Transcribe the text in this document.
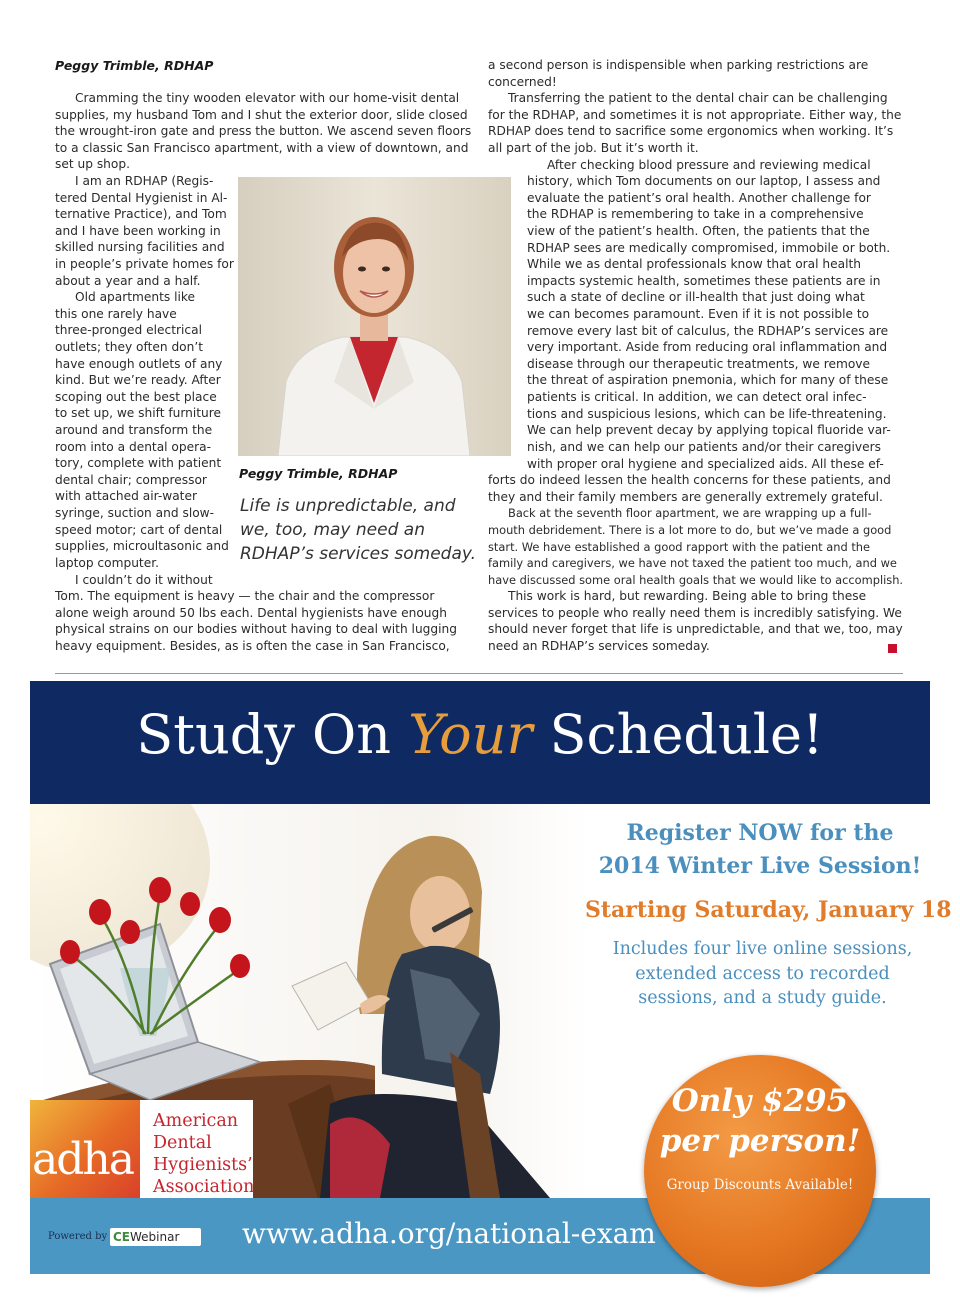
Peggy Trimble, RDHAP
Cramming the tiny wooden elevator with our home-visit dental
supplies, my husband Tom and I shut the exterior door, slide closed
the wrought-iron gate and press the button. We ascend seven floors
to a classic San Francisco apartment, with a view of downtown, and
set up shop.
I am an RDHAP (Regis-
tered Dental Hygienist in Al-
ternative Practice), and Tom
and I have been working in
skilled nursing facilities and
in people’s private homes for
about a year and a half.
Old apartments like
this one rarely have
three-pronged electrical
outlets; they often don’t
have enough outlets of any
kind. But we’re ready. After
scoping out the best place
to set up, we shift furniture
around and transform the
room into a dental opera-
tory, complete with patient
dental chair; compressor
with attached air-water
syringe, suction and slow-
speed motor; cart of dental
supplies, microultasonic and
laptop computer.
I couldn’t do it without
Tom. The equipment is heavy — the chair and the compressor
alone weigh around 50 lbs each. Dental hygienists have enough
physical strains on our bodies without having to deal with lugging
heavy equipment. Besides, as is often the case in San Francisco,
Peggy Trimble, RDHAP
Life is unpredictable, and
we, too, may need an
RDHAP’s services someday.
a second person is indispensible when parking restrictions are
concerned!
Transferring the patient to the dental chair can be challenging
for the RDHAP, and sometimes it is not appropriate. Either way, the
RDHAP does tend to sacrifice some ergonomics when working. It’s
all part of the job. But it’s worth it.
After checking blood pressure and reviewing medical
history, which Tom documents on our laptop, I assess and
evaluate the patient’s oral health. Another challenge for
the RDHAP is remembering to take in a comprehensive
view of the patient’s health. Often, the patients that the
RDHAP sees are medically compromised, immobile or both.
While we as dental professionals know that oral health
impacts systemic health, sometimes these patients are in
such a state of decline or ill-health that just doing what
we can becomes paramount. Even if it is not possible to
remove every last bit of calculus, the RDHAP’s services are
very important. Aside from reducing oral inflammation and
disease through our therapeutic treatments, we remove
the threat of aspiration pnemonia, which for many of these
patients is critical. In addition, we can detect oral infec-
tions and suspicious lesions, which can be life-threatening.
We can help prevent decay by applying topical fluoride var-
nish, and we can help our patients and/or their caregivers
with proper oral hygiene and specialized aids. All these ef-
forts do indeed lessen the health concerns for these patients, and
they and their family members are generally extremely grateful.
Back at the seventh floor apartment, we are wrapping up a full-
mouth debridement. There is a lot more to do, but we’ve made a good
start. We have established a good rapport with the patient and the
family and caregivers, we have not taxed the patient too much, and we
have discussed some oral health goals that we would like to accomplish.
This work is hard, but rewarding. Being able to bring these
services to people who really need them is incredibly satisfying. We
should never forget that life is unpredictable, and that we, too, may
need an RDHAP’s services someday.
Study On Your Schedule!
Register NOW for the
2014 Winter Live Session!
Starting Saturday, January 18
Includes four live online sessions,
extended access to recorded
sessions, and a study guide.
Powered by CEWebinar	www.adha.org/national-exam
adha
American
Dental
Hygienists’
Association
Only $295
per person!
Group Discounts Available!
